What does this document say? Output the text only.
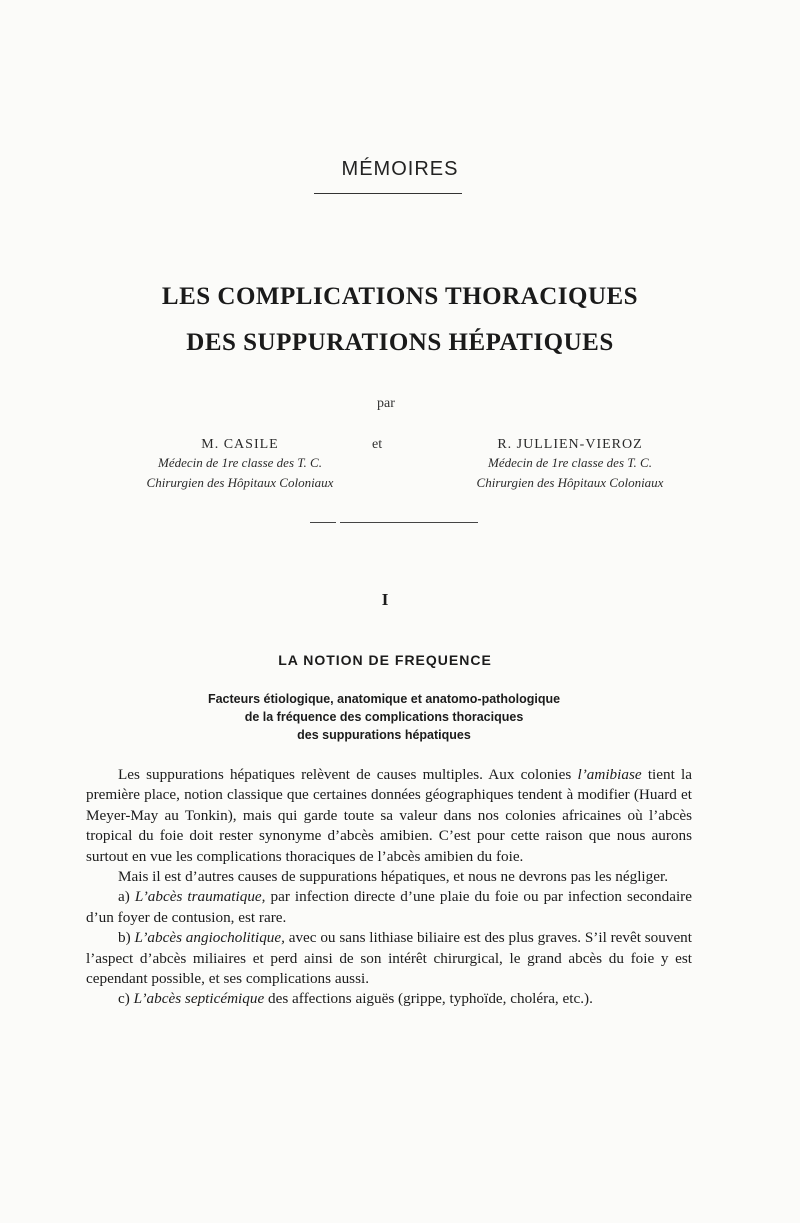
MÉMOIRES
LES COMPLICATIONS THORACIQUES
DES SUPPURATIONS HÉPATIQUES
par
M. CASILE
Médecin de 1re classe des T. C.
Chirurgien des Hôpitaux Coloniaux
et	R. JULLIEN-VIEROZ
Médecin de 1re classe des T. C.
Chirurgien des Hôpitaux Coloniaux
I
LA NOTION DE FREQUENCE
Facteurs étiologique, anatomique et anatomo-pathologique
de la fréquence des complications thoraciques
des suppurations hépatiques

Les suppurations hépatiques relèvent de causes multiples. Aux colonies l’amibiase tient la première place, notion classique que certaines données géographiques tendent à modifier (Huard et Meyer-May au Tonkin), mais qui garde toute sa valeur dans nos colonies africaines où l’abcès tropical du foie doit rester synonyme d’abcès amibien. C’est pour cette raison que nous aurons surtout en vue les complications thoraciques de l’abcès amibien du foie.

Mais il est d’autres causes de suppurations hépatiques, et nous ne devrons pas les négliger.

a) L’abcès traumatique, par infection directe d’une plaie du foie ou par infection secondaire d’un foyer de contusion, est rare.

b) L’abcès angiocholitique, avec ou sans lithiase biliaire est des plus graves. S’il revêt souvent l’aspect d’abcès miliaires et perd ainsi de son intérêt chirurgical, le grand abcès du foie y est cependant possible, et ses complications aussi.

c) L’abcès septicémique des affections aiguës (grippe, typhoïde, choléra, etc.).
